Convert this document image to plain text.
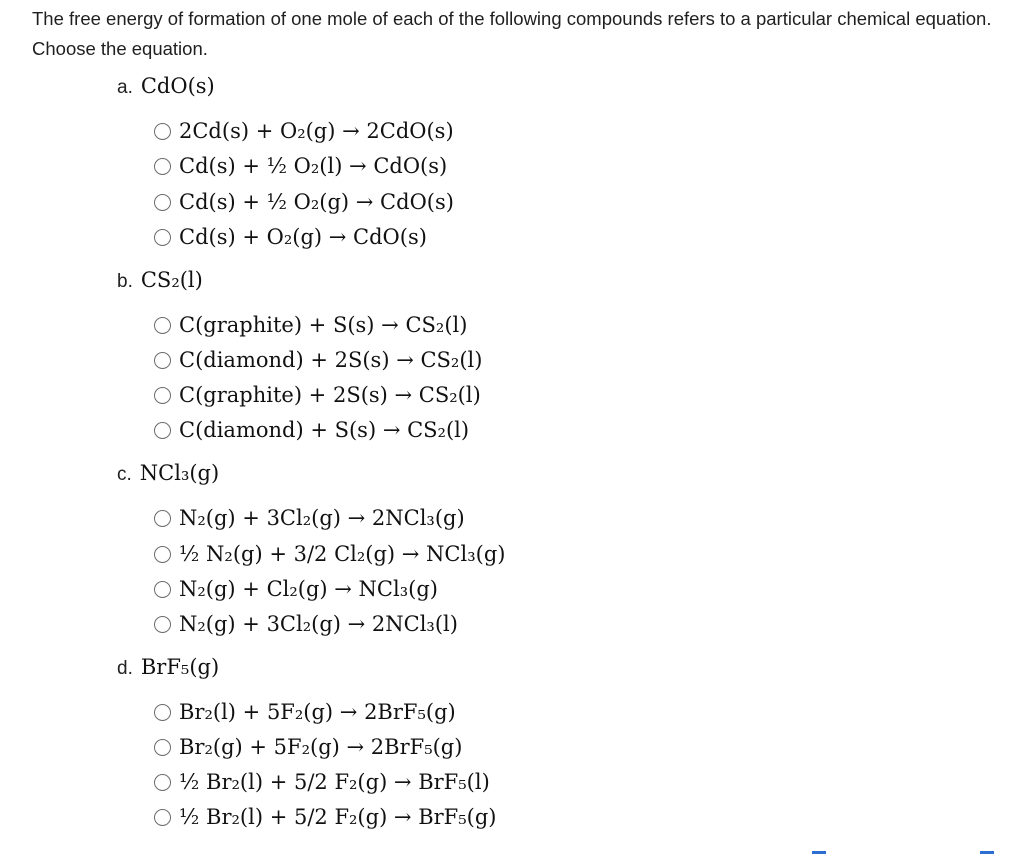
The free energy of formation of one mole of each of the following compounds refers to a particular chemical equation. Choose the equation.
a. CdO(s)
2Cd(s) + O₂(g) → 2CdO(s)
Cd(s) + ½ O₂(l) → CdO(s)
Cd(s) + ½ O₂(g) → CdO(s)
Cd(s) + O₂(g) → CdO(s)
b. CS₂(l)
C(graphite) + S(s) → CS₂(l)
C(diamond) + 2S(s) → CS₂(l)
C(graphite) + 2S(s) → CS₂(l)
C(diamond) + S(s) → CS₂(l)
c. NCl₃(g)
N₂(g) + 3Cl₂(g) → 2NCl₃(g)
½ N₂(g) + 3/2 Cl₂(g) → NCl₃(g)
N₂(g) + Cl₂(g) → NCl₃(g)
N₂(g) + 3Cl₂(g) → 2NCl₃(l)
d. BrF₅(g)
Br₂(l) + 5F₂(g) → 2BrF₅(g)
Br₂(g) + 5F₂(g) → 2BrF₅(g)
½ Br₂(l) + 5/2 F₂(g) → BrF₅(l)
½ Br₂(l) + 5/2 F₂(g) → BrF₅(g)
